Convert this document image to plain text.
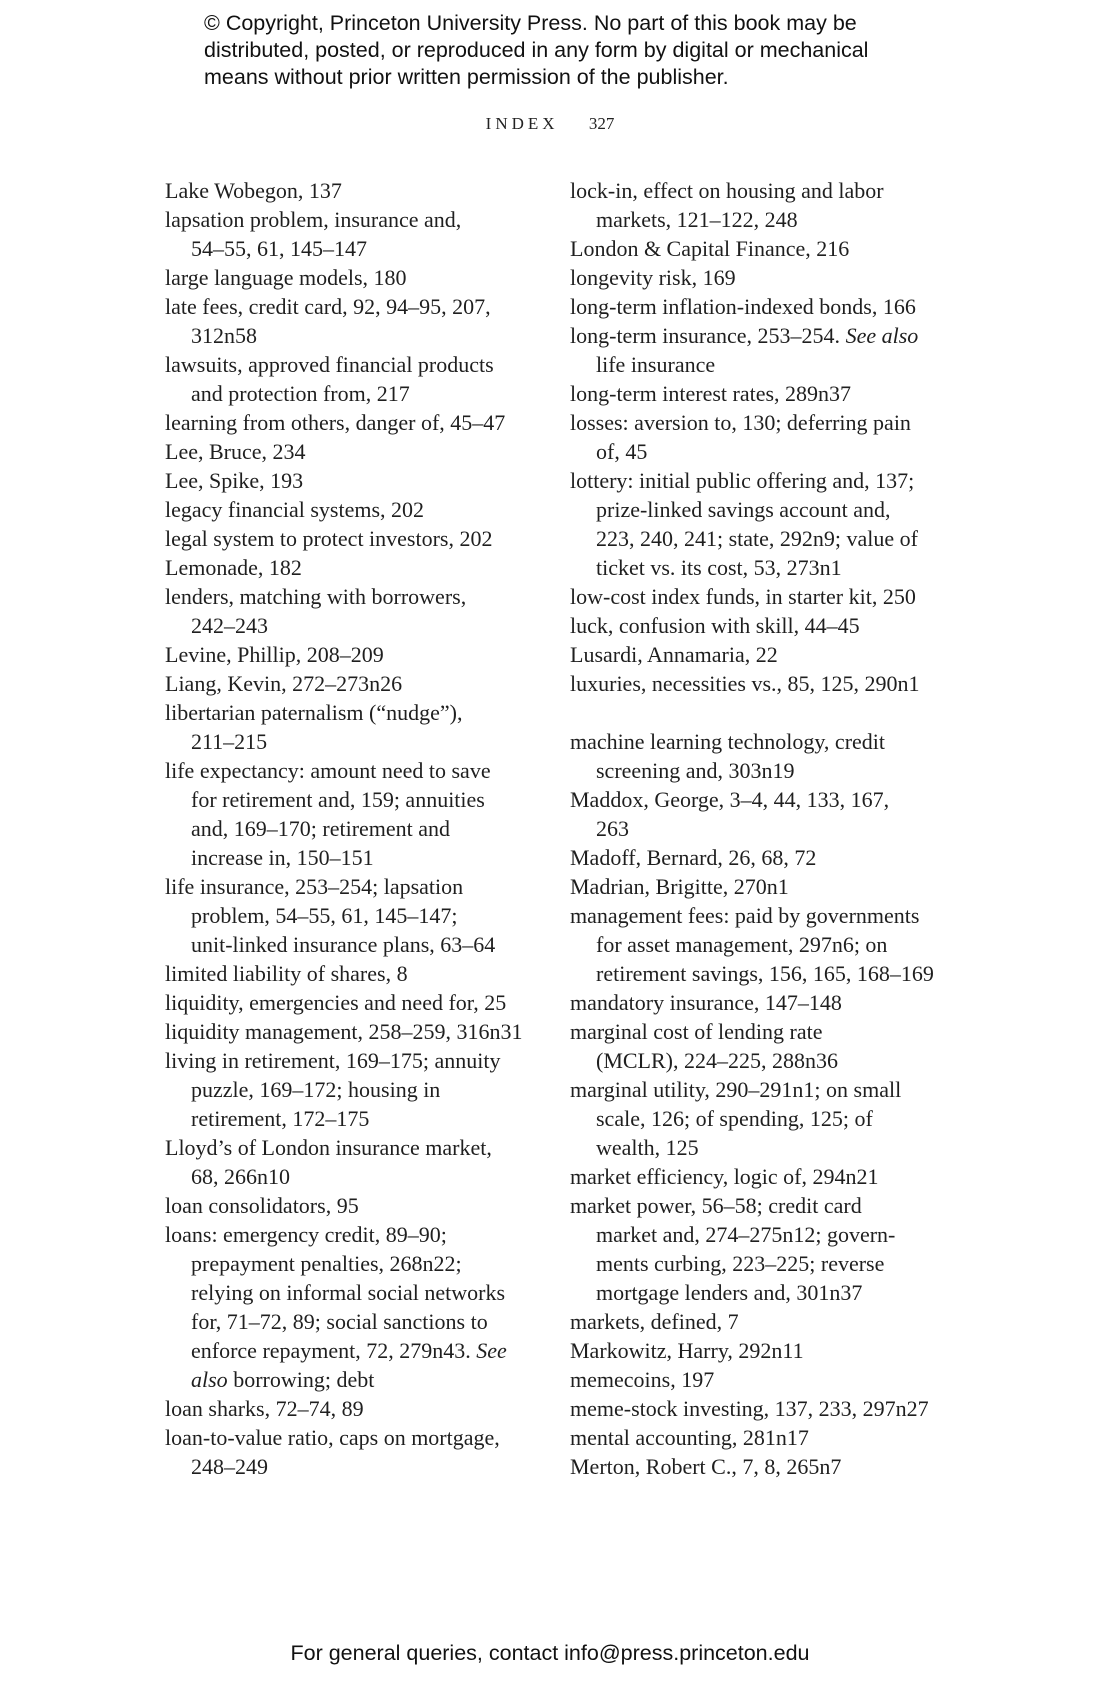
© Copyright, Princeton University Press. No part of this book may be
distributed, posted, or reproduced in any form by digital or mechanical
means without prior written permission of the publisher.
INDEX 327
Lake Wobegon, 137
lapsation problem, insurance and,
54–55, 61, 145–147
large language models, 180
late fees, credit card, 92, 94–95, 207,
312n58
lawsuits, approved financial products
and protection from, 217
learning from others, danger of, 45–47
Lee, Bruce, 234
Lee, Spike, 193
legacy financial systems, 202
legal system to protect investors, 202
Lemonade, 182
lenders, matching with borrowers,
242–243
Levine, Phillip, 208–209
Liang, Kevin, 272–273n26
libertarian paternalism (“nudge”),
211–215
life expectancy: amount need to save
for retirement and, 159; annuities
and, 169–170; retirement and
increase in, 150–151
life insurance, 253–254; lapsation
problem, 54–55, 61, 145–147;
unit-linked insurance plans, 63–64
limited liability of shares, 8
liquidity, emergencies and need for, 25
liquidity management, 258–259, 316n31
living in retirement, 169–175; annuity
puzzle, 169–172; housing in
retirement, 172–175
Lloyd’s of London insurance market,
68, 266n10
loan consolidators, 95
loans: emergency credit, 89–90;
prepayment penalties, 268n22;
relying on informal social networks
for, 71–72, 89; social sanctions to
enforce repayment, 72, 279n43. See
also borrowing; debt
loan sharks, 72–74, 89
loan-to-value ratio, caps on mortgage,
248–249
lock-in, effect on housing and labor
markets, 121–122, 248
London & Capital Finance, 216
longevity risk, 169
long-term inflation-indexed bonds, 166
long-term insurance, 253–254. See also
life insurance
long-term interest rates, 289n37
losses: aversion to, 130; deferring pain
of, 45
lottery: initial public offering and, 137;
prize-linked savings account and,
223, 240, 241; state, 292n9; value of
ticket vs. its cost, 53, 273n1
low-cost index funds, in starter kit, 250
luck, confusion with skill, 44–45
Lusardi, Annamaria, 22
luxuries, necessities vs., 85, 125, 290n1
machine learning technology, credit
screening and, 303n19
Maddox, George, 3–4, 44, 133, 167,
263
Madoff, Bernard, 26, 68, 72
Madrian, Brigitte, 270n1
management fees: paid by governments
for asset management, 297n6; on
retirement savings, 156, 165, 168–169
mandatory insurance, 147–148
marginal cost of lending rate
(MCLR), 224–225, 288n36
marginal utility, 290–291n1; on small
scale, 126; of spending, 125; of
wealth, 125
market efficiency, logic of, 294n21
market power, 56–58; credit card
market and, 274–275n12; govern-
ments curbing, 223–225; reverse
mortgage lenders and, 301n37
markets, defined, 7
Markowitz, Harry, 292n11
memecoins, 197
meme-stock investing, 137, 233, 297n27
mental accounting, 281n17
Merton, Robert C., 7, 8, 265n7
For general queries, contact info@press.princeton.edu
